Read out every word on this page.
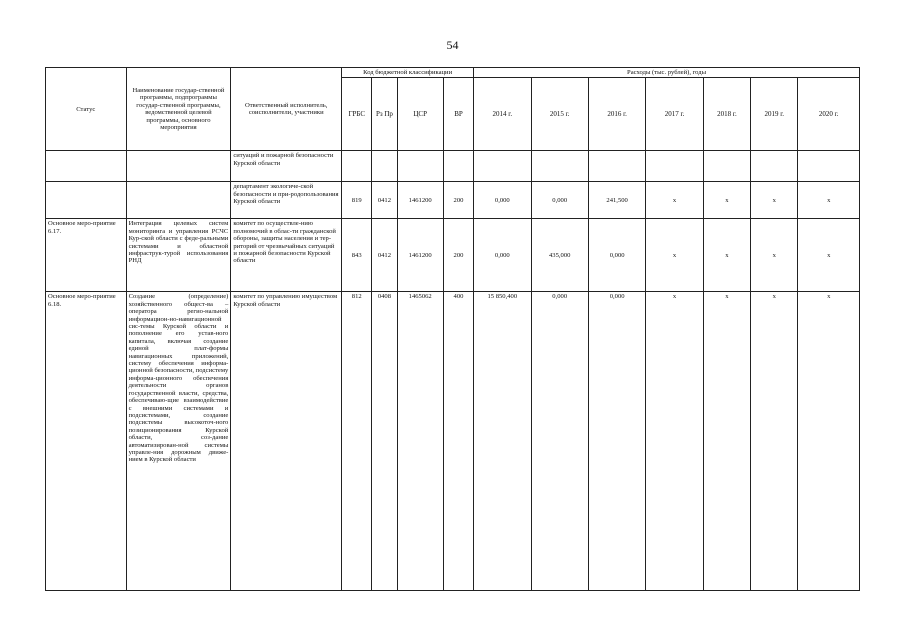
54
Статус	Наименование государ-ственной программы, подпрограммы государ-ственной программы, ведомственной целевой программы, основного мероприятия	Ответственный исполнитель, соисполнители, участники	Код бюджетной классификации				Расходы (тыс. рублей), годы						
			ГРБС	Рз Пр	ЦСР	ВР	2014 г.	2015 г.	2016 г.	2017 г.	2018 г.	2019 г.	2020 г.
		ситуаций и пожарной безопасности Курской области											
		департамент экологиче-ской безопасности и при-родопользования Курской области	819	0412	1461200	200	0,000	0,000	241,500	x	x	x	x
Основное меро-приятие 6.17.	Интеграция целевых систем мониторинга и управления РСЧС Кур-ской области с феде-ральными системами и областной инфраструк-турой использования РНД	комитет по осуществле-нию полномочий в облас-ти гражданской обороны, защиты населения и тер-риторий от чрезвычайных ситуаций и пожарной безопасности Курской области	843	0412	1461200	200	0,000	435,000	0,000	x	x	x	x
Основное меро-приятие 6.18.	Создание (определение) хозяйственного общест-ва – оператора регио-нальной информацион-но-навигационной сис-темы Курской области и пополнение его устав-ного капитала, включая создание единой плат-формы навигационных приложений, систему обеспечения информа-ционной безопасности, подсистему информа-ционного обеспечения деятельности органов государственной власти, средства, обеспечиваю-щие взаимодействие с внешними системами и подсистемами, создание подсистемы высокоточ-ного позиционирования Курской области, соз-дание автоматизирован-ной системы управле-ния дорожным движе-нием в Курской области	комитет по управлению имуществом Курской области	812	0408	1465062	400	15 850,400	0,000	0,000	x	x	x	x
